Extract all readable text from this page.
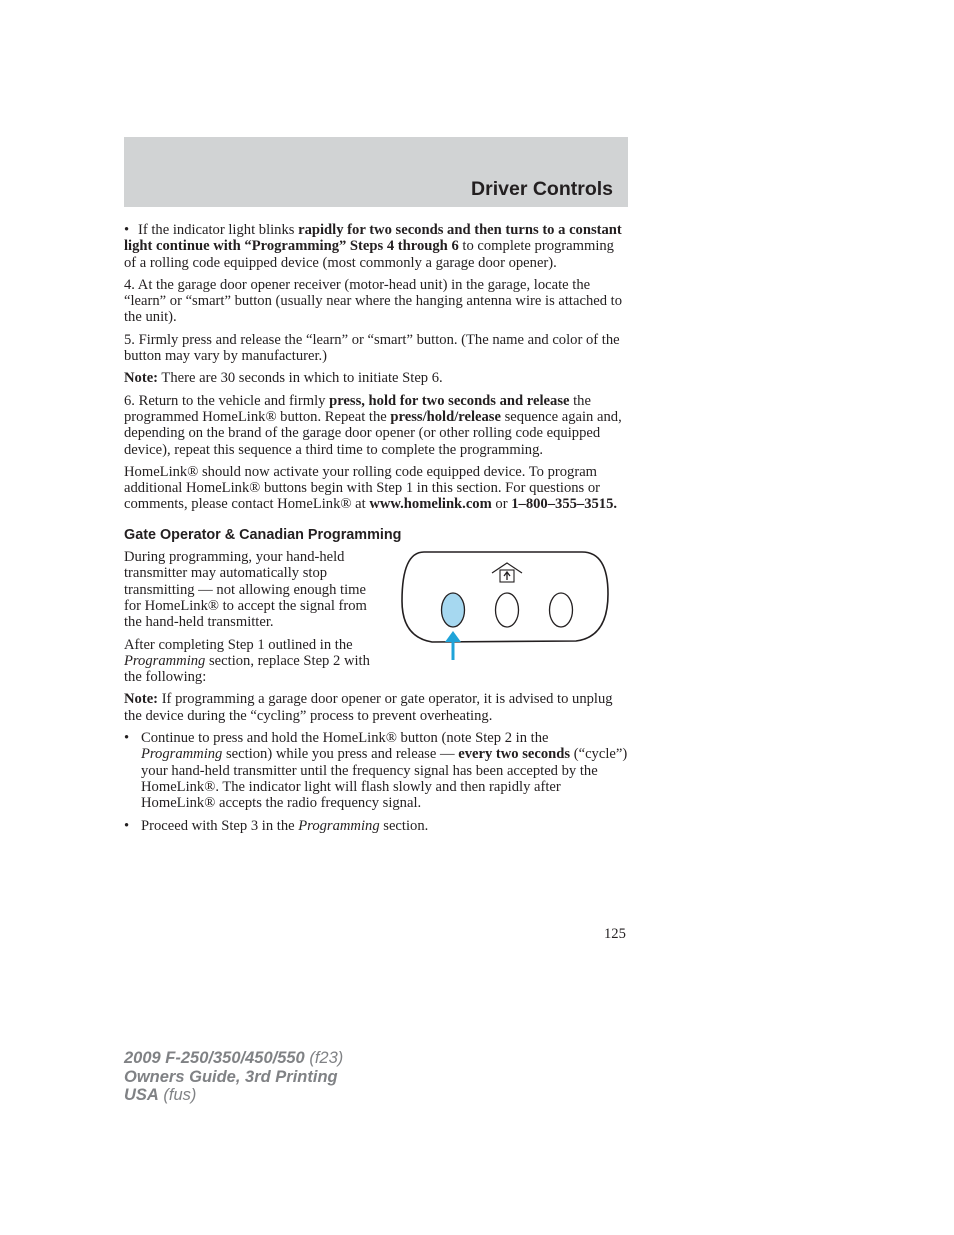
Driver Controls

• If the indicator light blinks rapidly for two seconds and then turns to a constant light continue with “Programming” Steps 4 through 6 to complete programming of a rolling code equipped device (most commonly a garage door opener).

4. At the garage door opener receiver (motor-head unit) in the garage, locate the “learn” or “smart” button (usually near where the hanging antenna wire is attached to the unit).

5. Firmly press and release the “learn” or “smart” button. (The name and color of the button may vary by manufacturer.)

Note: There are 30 seconds in which to initiate Step 6.

6. Return to the vehicle and firmly press, hold for two seconds and release the programmed HomeLink® button. Repeat the press/hold/release sequence again and, depending on the brand of the garage door opener (or other rolling code equipped device), repeat this sequence a third time to complete the programming.

HomeLink® should now activate your rolling code equipped device. To program additional HomeLink® buttons begin with Step 1 in this section. For questions or comments, please contact HomeLink® at www.homelink.com or 1–800–355–3515.

Gate Operator & Canadian Programming

During programming, your hand-held transmitter may automatically stop transmitting — not allowing enough time for HomeLink® to accept the signal from the hand-held transmitter.

After completing Step 1 outlined in the Programming section, replace Step 2 with the following:

Note: If programming a garage door opener or gate operator, it is advised to unplug the device during the “cycling” process to prevent overheating.

• Continue to press and hold the HomeLink® button (note Step 2 in the Programming section) while you press and release — every two seconds (“cycle”) your hand-held transmitter until the frequency signal has been accepted by the HomeLink®. The indicator light will flash slowly and then rapidly after HomeLink® accepts the radio frequency signal.

• Proceed with Step 3 in the Programming section.

125
2009 F-250/350/450/550 (f23)
Owners Guide, 3rd Printing
USA (fus)
